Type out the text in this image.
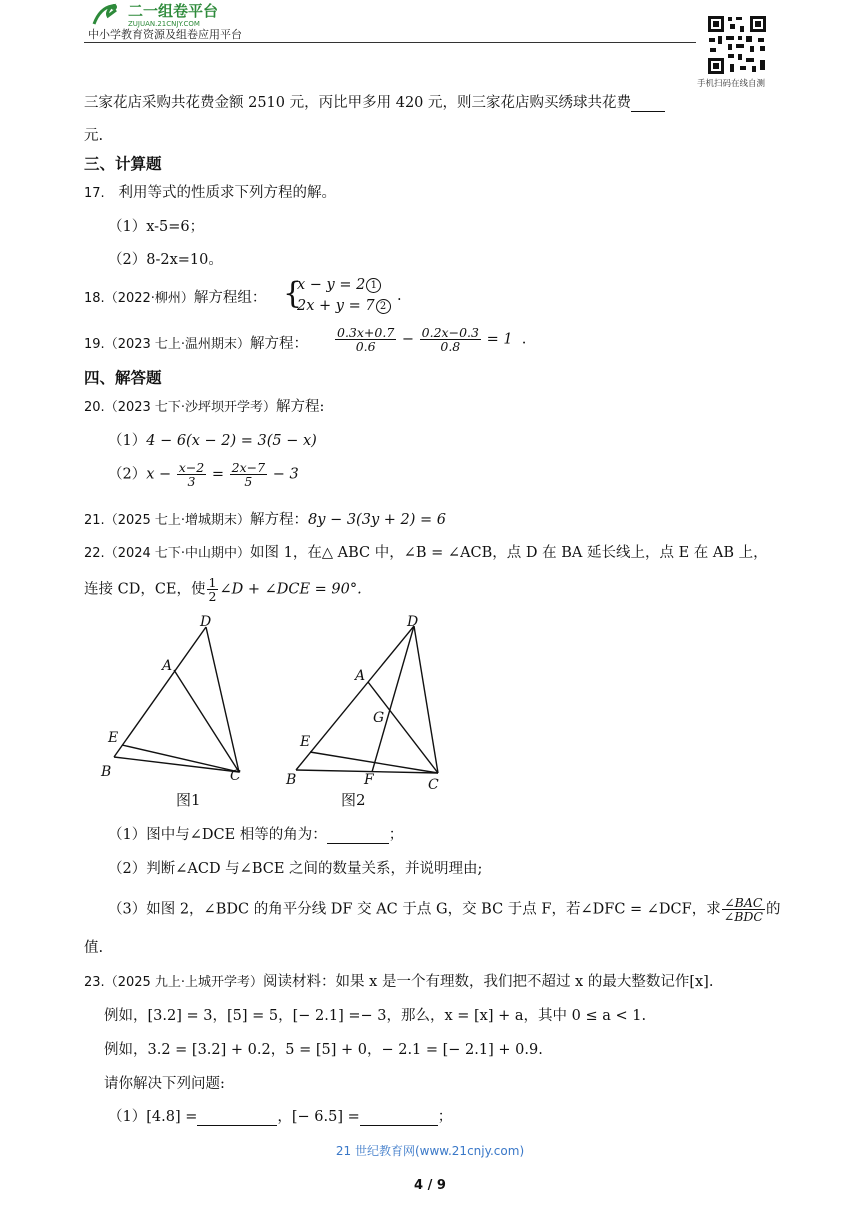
二一组卷平台
ZUJUAN.21CNJY.COM
中小学教育资源及组卷应用平台
手机扫码在线自测
三家花店采购共花费金额 2510 元，丙比甲多用 420 元，则三家花店购买绣球共花费
元.
三、计算题
17. 利用等式的性质求下列方程的解。
（1）x-5=6；
（2）8-2x=10。
18.（2022·柳州）解方程组： {
x − y = 2 1
2x + y = 7 2
.
19.（2023 七上·温州期末）解方程： $\frac{0.3x+0.7}{0.6} - \frac{0.2x-0.3}{0.8} = 1$ .
四、解答题
20.（2023 七下·沙坪坝开学考）解方程:
（1）4 − 6(x − 2) = 3(5 − x)
$(2)x - \frac{x-2}{3} = \frac{2x-7}{5} - 3$
21.（2025 七上·增城期末）解方程：8y − 3(3y + 2) = 6
22.（2024 七下·中山期中）如图 1，在△ ABC 中，∠B = ∠ACB，点 D 在 BA 延长线上，点 E 在 AB 上，
连接 CD，CE，使 $\frac{1}{2}$ ∠D + ∠DCE = 90°.
D
A
E
B	C
图1
D
A
G
E
B	F	C
图2
（1）图中与∠DCE 相等的角为：	；
（2）判断∠ACD 与∠BCE 之间的数量关系，并说明理由;
（3）如图 2，∠BDC 的角平分线 DF 交 AC 于点 G，交 BC 于点 F，若∠DFC = ∠DCF，求 $\frac{\text{∠BAC}}{\text{∠BDC}}$ 的
值.
23.（2025 九上·上城开学考）阅读材料：如果 x 是一个有理数，我们把不超过 x 的最大整数记作[x].
例如，[3.2] = 3，[5] = 5，[− 2.1] =− 3，那么，x = [x] + a，其中 0 ≤ a < 1.
例如，3.2 = [3.2] + 0.2，5 = [5] + 0，− 2.1 = [− 2.1] + 0.9.
请你解决下列问题:
（1）[4.8] =	，[− 6.5] =	；
21 世纪教育网(www.21cnjy.com)
4 / 9
